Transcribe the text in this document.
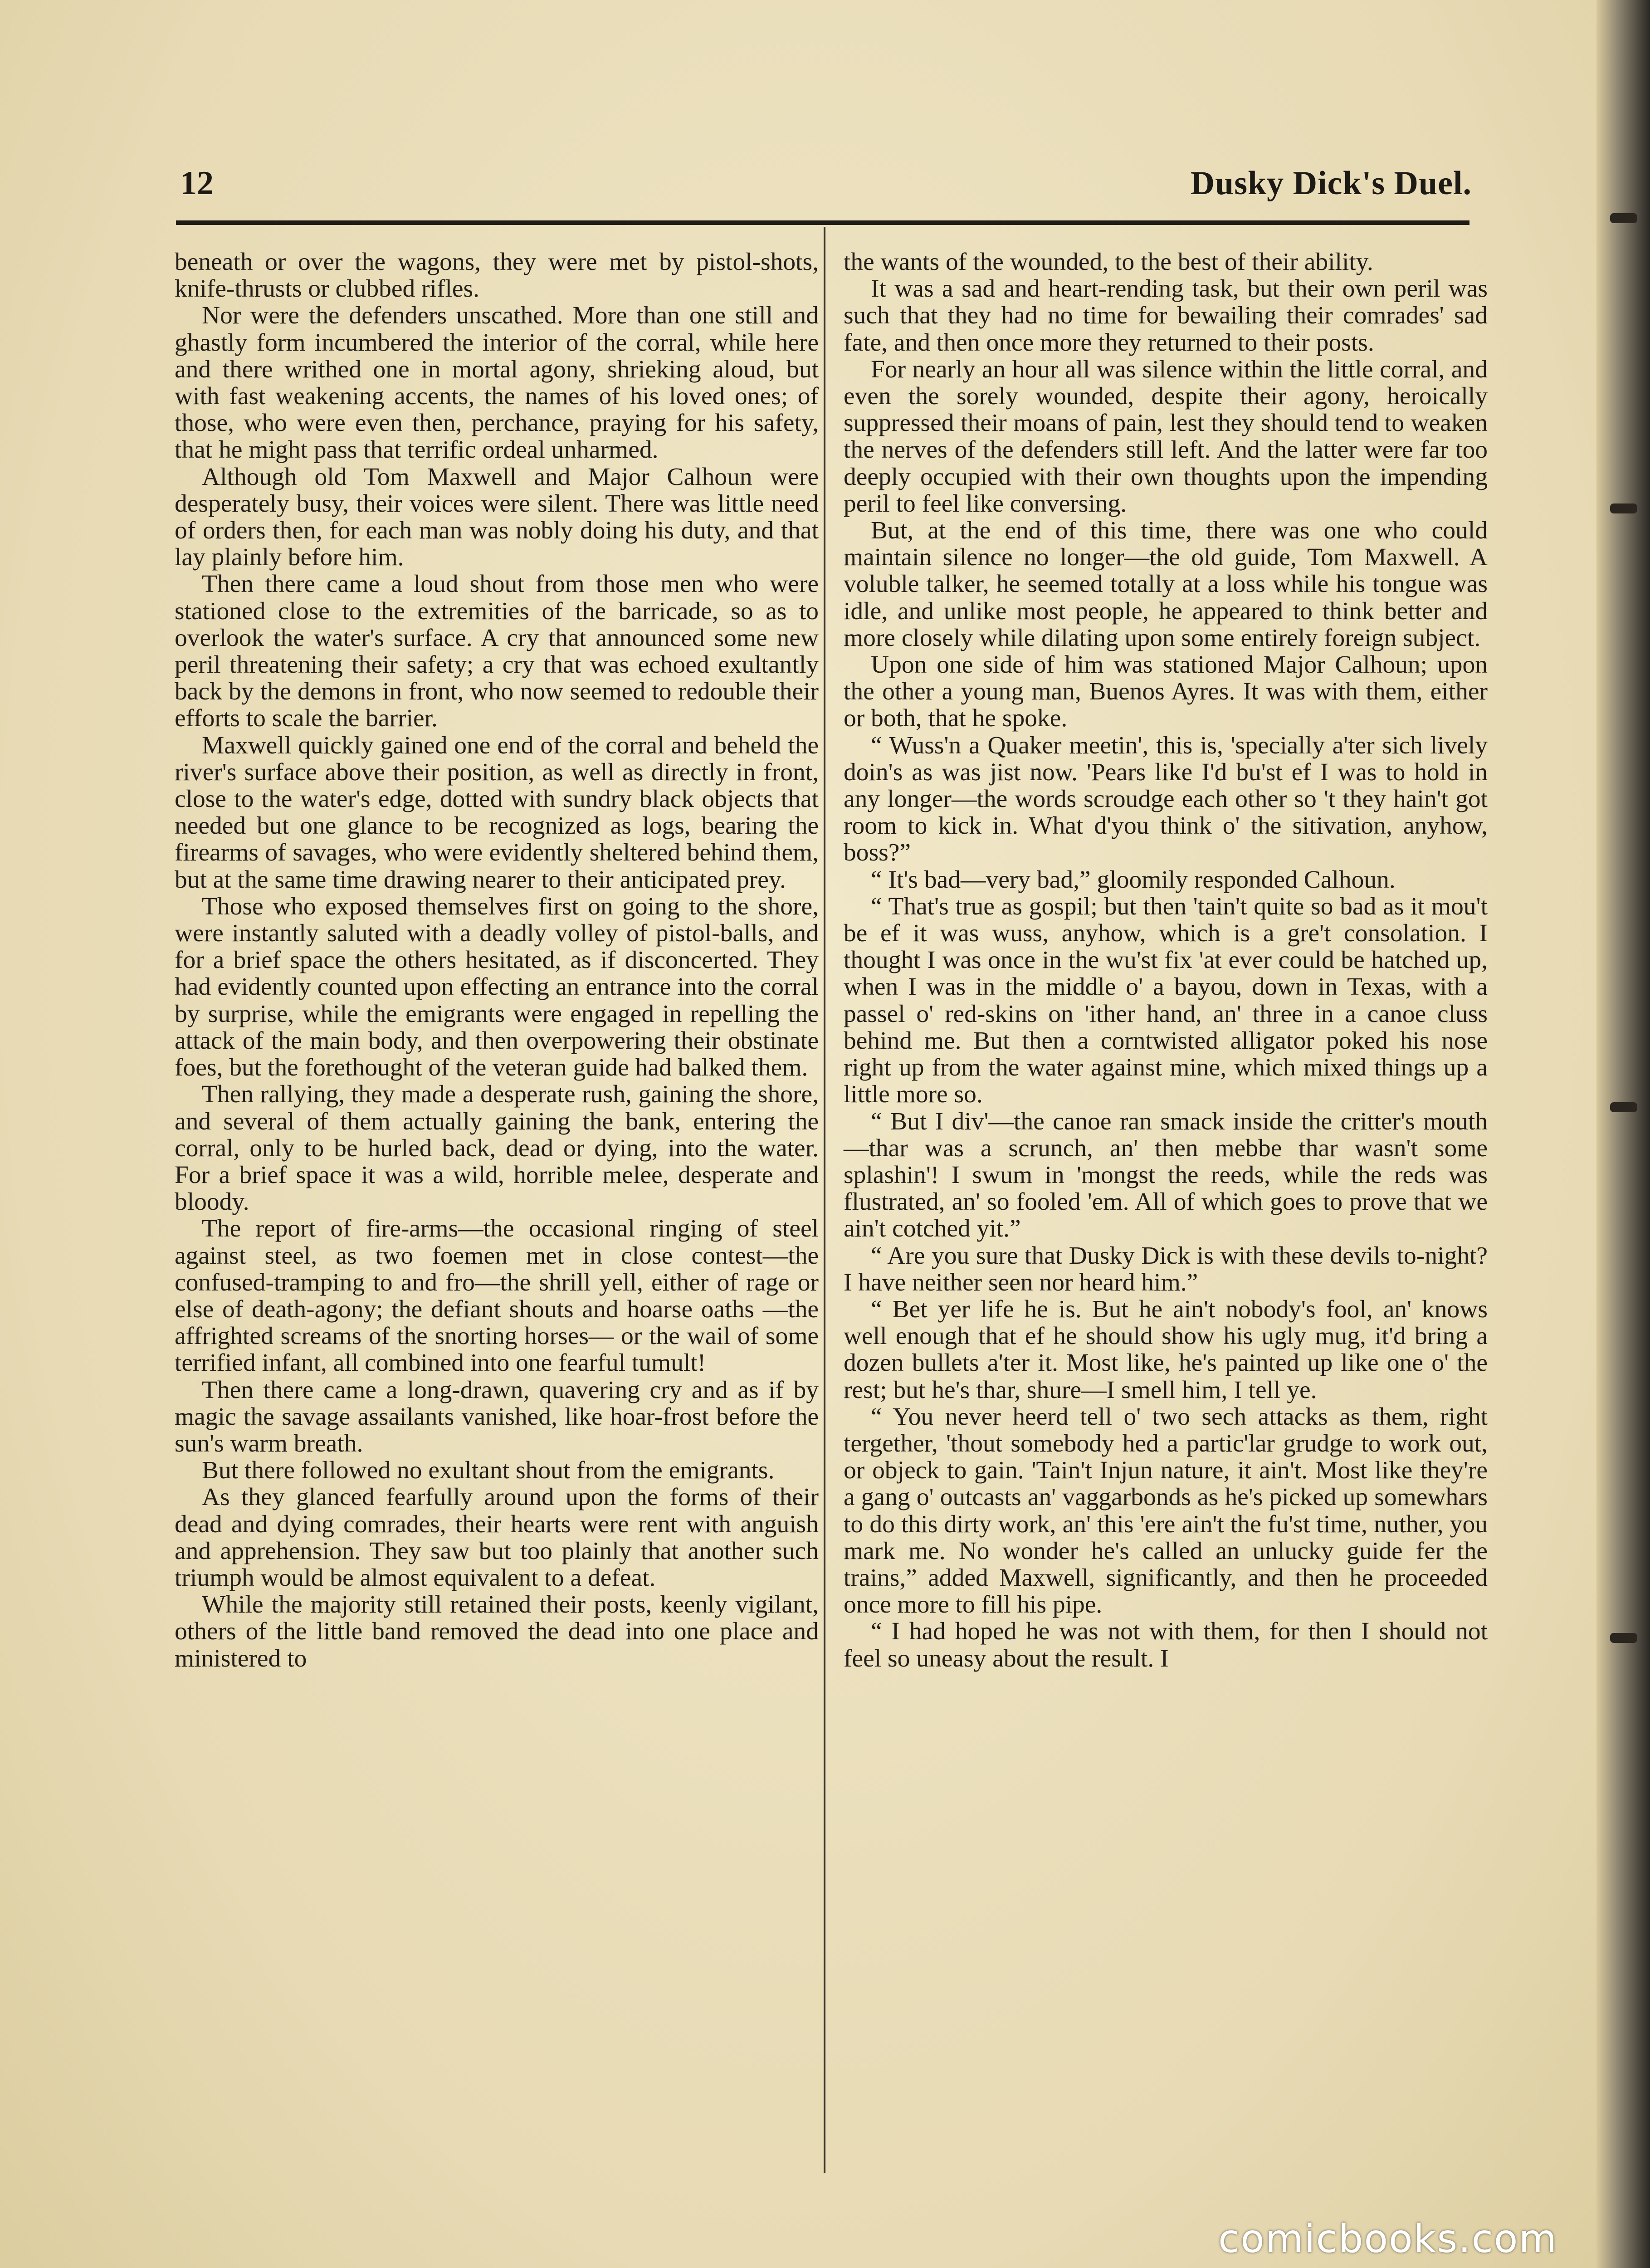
12	Dusky Dick's Duel.

beneath or over the wagons, they were met by pistol-shots, knife-thrusts or clubbed rifles.

Nor were the defenders unscathed. More than one still and ghastly form incumbered the interior of the corral, while here and there writhed one in mortal agony, shrieking aloud, but with fast weakening accents, the names of his loved ones; of those, who were even then, perchance, praying for his safety, that he might pass that terrific ordeal unharmed.

Although old Tom Maxwell and Major Calhoun were desperately busy, their voices were silent. There was little need of orders then, for each man was nobly doing his duty, and that lay plainly before him.

Then there came a loud shout from those men who were stationed close to the extremities of the barricade, so as to overlook the water's surface. A cry that announced some new peril threatening their safety; a cry that was echoed exultantly back by the demons in front, who now seemed to redouble their efforts to scale the barrier.

Maxwell quickly gained one end of the corral and beheld the river's surface above their position, as well as directly in front, close to the water's edge, dotted with sundry black objects that needed but one glance to be recognized as logs, bearing the firearms of savages, who were evidently sheltered behind them, but at the same time drawing nearer to their anticipated prey.

Those who exposed themselves first on going to the shore, were instantly saluted with a deadly volley of pistol-balls, and for a brief space the others hesitated, as if disconcerted. They had evidently counted upon effecting an entrance into the corral by surprise, while the emigrants were engaged in repelling the attack of the main body, and then overpowering their obstinate foes, but the forethought of the veteran guide had balked them.

Then rallying, they made a desperate rush, gaining the shore, and several of them actually gaining the bank, entering the corral, only to be hurled back, dead or dying, into the water. For a brief space it was a wild, horrible melee, desperate and bloody.

The report of fire-arms—the occasional ringing of steel against steel, as two foemen met in close contest—the confused-tramping to and fro—the shrill yell, either of rage or else of death-agony; the defiant shouts and hoarse oaths —the affrighted screams of the snorting horses— or the wail of some terrified infant, all combined into one fearful tumult!

Then there came a long-drawn, quavering cry and as if by magic the savage assailants vanished, like hoar-frost before the sun's warm breath.

But there followed no exultant shout from the emigrants.

As they glanced fearfully around upon the forms of their dead and dying comrades, their hearts were rent with anguish and apprehension. They saw but too plainly that another such triumph would be almost equivalent to a defeat.

While the majority still retained their posts, keenly vigilant, others of the little band removed the dead into one place and ministered to

the wants of the wounded, to the best of their ability.

It was a sad and heart-rending task, but their own peril was such that they had no time for bewailing their comrades' sad fate, and then once more they returned to their posts.

For nearly an hour all was silence within the little corral, and even the sorely wounded, despite their agony, heroically suppressed their moans of pain, lest they should tend to weaken the nerves of the defenders still left. And the latter were far too deeply occupied with their own thoughts upon the impending peril to feel like conversing.

But, at the end of this time, there was one who could maintain silence no longer—the old guide, Tom Maxwell. A voluble talker, he seemed totally at a loss while his tongue was idle, and unlike most people, he appeared to think better and more closely while dilating upon some entirely foreign subject.

Upon one side of him was stationed Major Calhoun; upon the other a young man, Buenos Ayres. It was with them, either or both, that he spoke.

“ Wuss'n a Quaker meetin', this is, 'specially a'ter sich lively doin's as was jist now. 'Pears like I'd bu'st ef I was to hold in any longer—the words scroudge each other so 't they hain't got room to kick in. What d'you think o' the sitivation, anyhow, boss?”

“ It's bad—very bad,” gloomily responded Calhoun.

“ That's true as gospil; but then 'tain't quite so bad as it mou't be ef it was wuss, anyhow, which is a gre't consolation. I thought I was once in the wu'st fix 'at ever could be hatched up, when I was in the middle o' a bayou, down in Texas, with a passel o' red-skins on 'ither hand, an' three in a canoe cluss behind me. But then a corntwisted alligator poked his nose right up from the water against mine, which mixed things up a little more so.

“ But I div'—the canoe ran smack inside the critter's mouth—thar was a scrunch, an' then mebbe thar wasn't some splashin'! I swum in 'mongst the reeds, while the reds was flustrated, an' so fooled 'em. All of which goes to prove that we ain't cotched yit.”

“ Are you sure that Dusky Dick is with these devils to-night? I have neither seen nor heard him.”

“ Bet yer life he is. But he ain't nobody's fool, an' knows well enough that ef he should show his ugly mug, it'd bring a dozen bullets a'ter it. Most like, he's painted up like one o' the rest; but he's thar, shure—I smell him, I tell ye.

“ You never heerd tell o' two sech attacks as them, right tergether, 'thout somebody hed a partic'lar grudge to work out, or objeck to gain. 'Tain't Injun nature, it ain't. Most like they're a gang o' outcasts an' vaggarbonds as he's picked up somewhars to do this dirty work, an' this 'ere ain't the fu'st time, nuther, you mark me. No wonder he's called an unlucky guide fer the trains,” added Maxwell, significantly, and then he proceeded once more to fill his pipe.

“ I had hoped he was not with them, for then I should not feel so uneasy about the result. I

comicbooks.com
